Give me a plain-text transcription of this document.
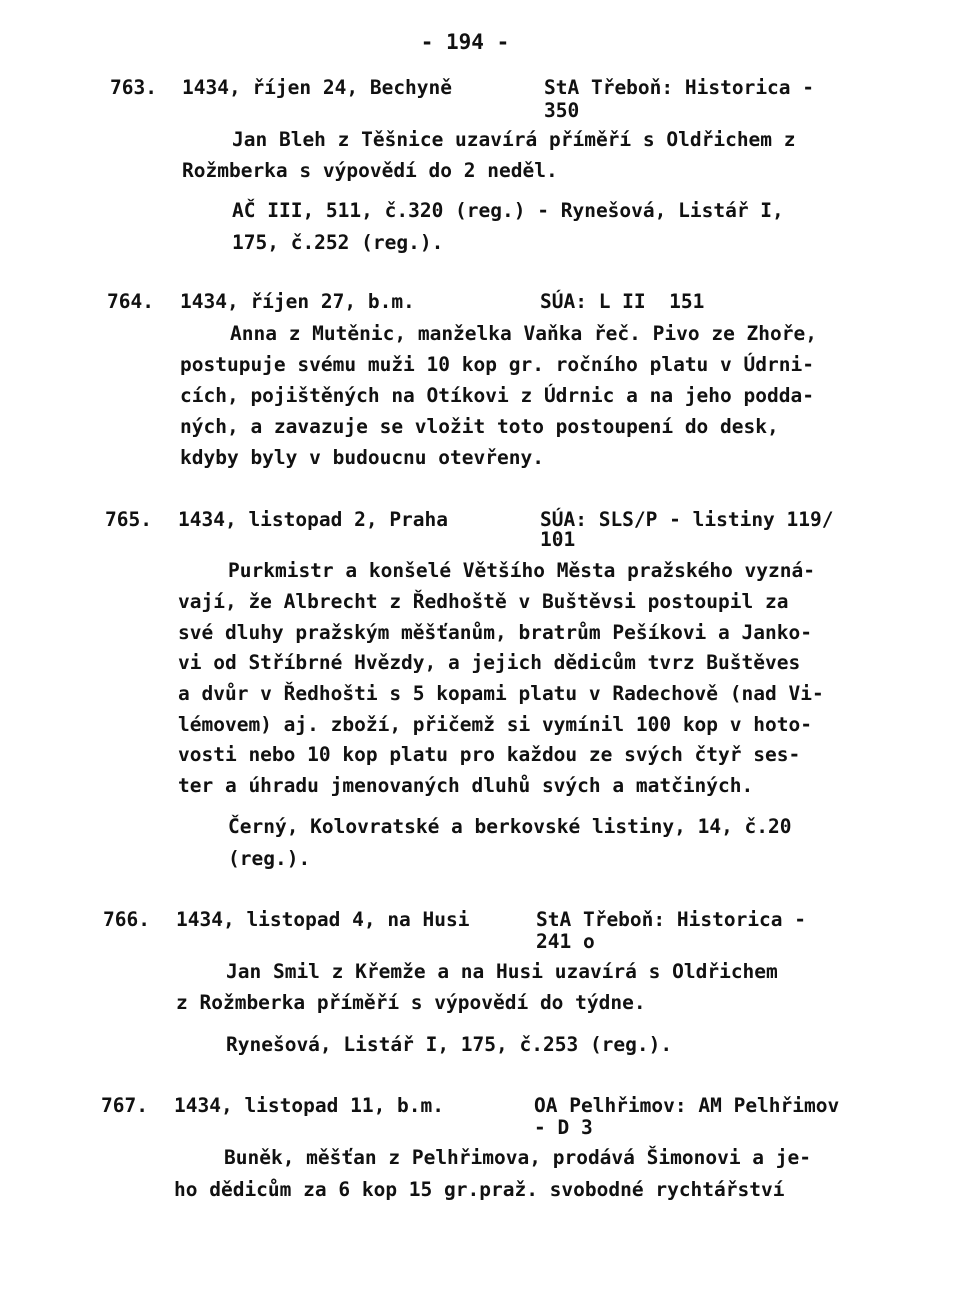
- 194 -
763. 1434, říjen 24, Bechyně	StA Třeboň: Historica -
350
Jan Bleh z Těšnice uzavírá příměří s Oldřichem z
Rožmberka s výpovědí do 2 neděl.
AČ III, 511, č.320 (reg.) - Rynešová, Listář I,
175, č.252 (reg.).
764. 1434, říjen 27, b.m.	SÚA: L II  151
Anna z Mutěnic, manželka Vaňka řeč. Pivo ze Zhoře,
postupuje svému muži 10 kop gr. ročního platu v Údrni-
cích, pojištěných na Otíkovi z Údrnic a na jeho podda-
ných, a zavazuje se vložit toto postoupení do desk,
kdyby byly v budoucnu otevřeny.
765. 1434, listopad 2, Praha	SÚA: SLS/P - listiny 119/
101
Purkmistr a konšelé Většího Města pražského vyzná-
vají, že Albrecht z Ředhoště v Buštěvsi postoupil za
své dluhy pražským měšťanům, bratrům Pešíkovi a Janko-
vi od Stříbrné Hvězdy, a jejich dědicům tvrz Buštěves
a dvůr v Ředhošti s 5 kopami platu v Radechově (nad Vi-
lémovem) aj. zboží, přičemž si vymínil 100 kop v hoto-
vosti nebo 10 kop platu pro každou ze svých čtyř ses-
ter a úhradu jmenovaných dluhů svých a matčiných.
Černý, Kolovratské a berkovské listiny, 14, č.20
(reg.).
766. 1434, listopad 4, na Husi	StA Třeboň: Historica -
241 o
Jan Smil z Křemže a na Husi uzavírá s Oldřichem
z Rožmberka příměří s výpovědí do týdne.
Rynešová, Listář I, 175, č.253 (reg.).
767. 1434, listopad 11, b.m.	OA Pelhřimov: AM Pelhřimov
- D 3
Buněk, měšťan z Pelhřimova, prodává Šimonovi a je-
ho dědicům za 6 kop 15 gr.praž. svobodné rychtářství
